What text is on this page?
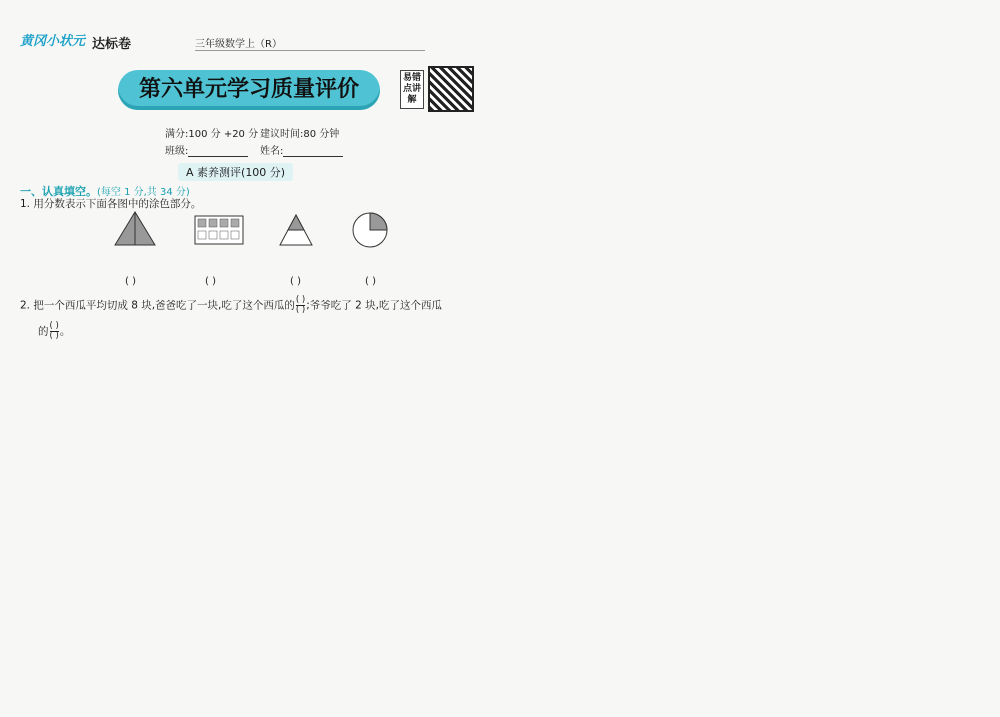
黄冈小状元 达标卷	三年级数学上（R）
第六单元学习质量评价	易错点讲解
满分:100 分 +20 分 建议时间:80 分钟
班级:	姓名:
A 素养测评(100 分)
一、认真填空。(每空 1 分,共 34 分)
1. 用分数表示下面各图中的涂色部分。
( )	( )	( )	( )
2. 把一个西瓜平均切成 8 块,爸爸吃了一块,吃了这个西瓜的 $\frac{( )}{( )}$ ;爷爷吃了 2 块,吃了这个西瓜
的 $\frac{( )}{( )}$ 。
